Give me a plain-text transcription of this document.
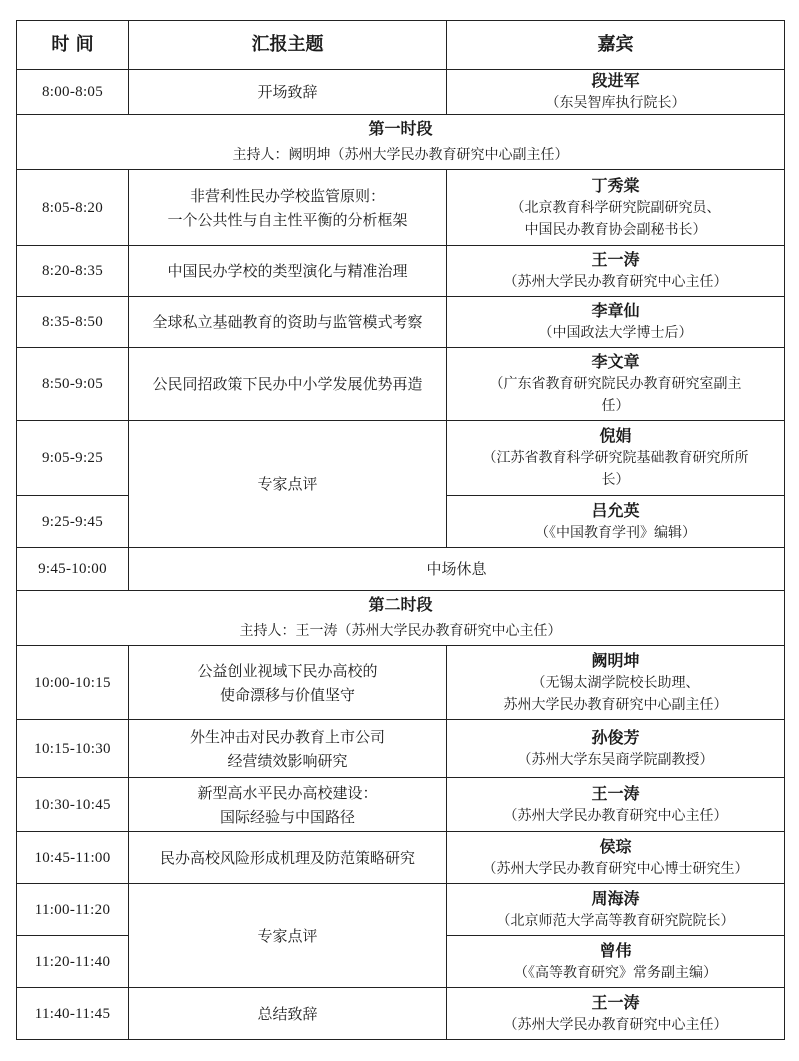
时 间	汇报主题	嘉宾
8:00-8:05	开场致辞	段进军
（东吴智库执行院长）

第一时段
主持人：阙明坤（苏州大学民办教育研究中心副主任）		

8:05-8:20	非营利性民办学校监管原则：
一个公共性与自主性平衡的分析框架	丁秀棠
（北京教育科学研究院副研究员、
中国民办教育协会副秘书长）

8:20-8:35	中国民办学校的类型演化与精准治理	王一涛
（苏州大学民办教育研究中心主任）

8:35-8:50	全球私立基础教育的资助与监管模式考察	李章仙
（中国政法大学博士后）

8:50-9:05	公民同招政策下民办中小学发展优势再造	李文章
（广东省教育研究院民办教育研究室副主
任）

9:05-9:25	专家点评	倪娟
（江苏省教育科学研究院基础教育研究所所
长）

9:25-9:45		吕允英
（《中国教育学刊》编辑）

9:45-10:00	中场休息	

第二时段
主持人：王一涛（苏州大学民办教育研究中心主任）		

10:00-10:15	公益创业视域下民办高校的
使命漂移与价值坚守	阙明坤
（无锡太湖学院校长助理、
苏州大学民办教育研究中心副主任）

10:15-10:30	外生冲击对民办教育上市公司
经营绩效影响研究	孙俊芳
（苏州大学东吴商学院副教授）

10:30-10:45	新型高水平民办高校建设：
国际经验与中国路径	王一涛
（苏州大学民办教育研究中心主任）

10:45-11:00	民办高校风险形成机理及防范策略研究	侯琮
（苏州大学民办教育研究中心博士研究生）

11:00-11:20	专家点评	周海涛
（北京师范大学高等教育研究院院长）

11:20-11:40		曾伟
（《高等教育研究》常务副主编）

11:40-11:45	总结致辞	王一涛
（苏州大学民办教育研究中心主任）
